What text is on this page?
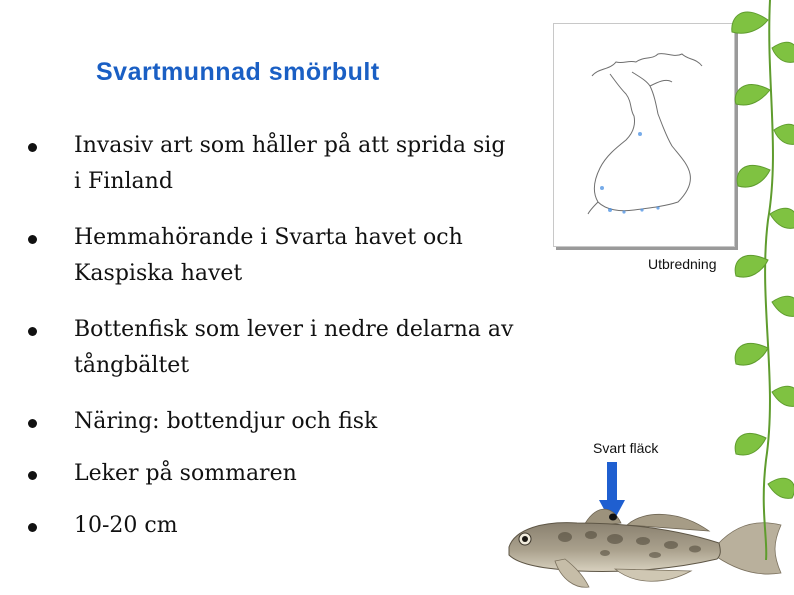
Svartmunnad smörbult
Invasiv art som håller på att sprida sig
i Finland
Hemmahörande i Svarta havet och
Kaspiska havet
Bottenfisk som lever i nedre delarna av
tångbältet
Näring: bottendjur och fisk
Leker på sommaren
10-20 cm
Utbredning
Svart fläck
